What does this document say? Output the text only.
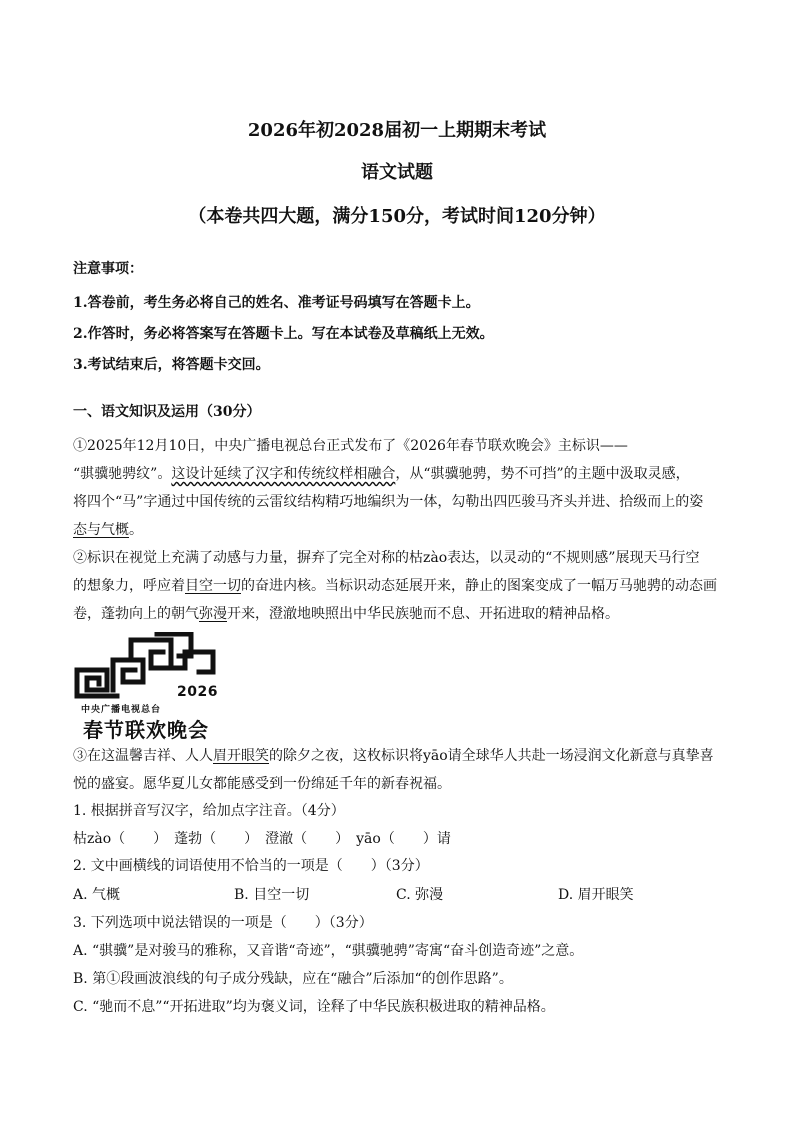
2026年初2028届初一上期期末考试
语文试题
（本卷共四大题，满分150分，考试时间120分钟）
注意事项：
1.答卷前，考生务必将自己的姓名、准考证号码填写在答题卡上。
2.作答时，务必将答案写在答题卡上。写在本试卷及草稿纸上无效。
3.考试结束后，将答题卡交回。
一、语文知识及运用（30分）
①2025年12月10日，中央广播电视总台正式发布了《2026年春节联欢晚会》主标识——
“骐骥驰骋纹”。这设计延续了汉字和传统纹样相融合，从“骐骥驰骋，势不可挡”的主题中汲取灵感，
将四个“马”字通过中国传统的云雷纹结构精巧地编织为一体，勾勒出四匹骏马齐头并进、拾级而上的姿
态与气概。
②标识在视觉上充满了动感与力量，摒弃了完全对称的枯zào表达，以灵动的“不规则感”展现天马行空
的想象力，呼应着目空一切的奋进内核。当标识动态延展开来，静止的图案变成了一幅万马驰骋的动态画
卷，蓬勃向上的朝气弥漫开来，澄澈地映照出中华民族驰而不息、开拓进取的精神品格。
2026
中央广播电视总台
春节联欢晚会
③在这温馨吉祥、人人眉开眼笑的除夕之夜，这枚标识将yāo请全球华人共赴一场浸润文化新意与真挚喜
悦的盛宴。愿华夏儿女都能感受到一份绵延千年的新春祝福。
1. 根据拼音写汉字，给加点字注音。（4分）
枯zào（　　）　蓬勃（　　）　澄澈（　　）　yāo（　　）请
2. 文中画横线的词语使用不恰当的一项是（　　）（3分）
A. 气概	B. 目空一切	C. 弥漫	D. 眉开眼笑
3. 下列选项中说法错误的一项是（　　）（3分）
A. “骐骥”是对骏马的雅称，又音谐“奇迹”，“骐骥驰骋”寄寓“奋斗创造奇迹”之意。
B. 第①段画波浪线的句子成分残缺，应在“融合”后添加“的创作思路”。
C. “驰而不息”“开拓进取”均为褒义词，诠释了中华民族积极进取的精神品格。
